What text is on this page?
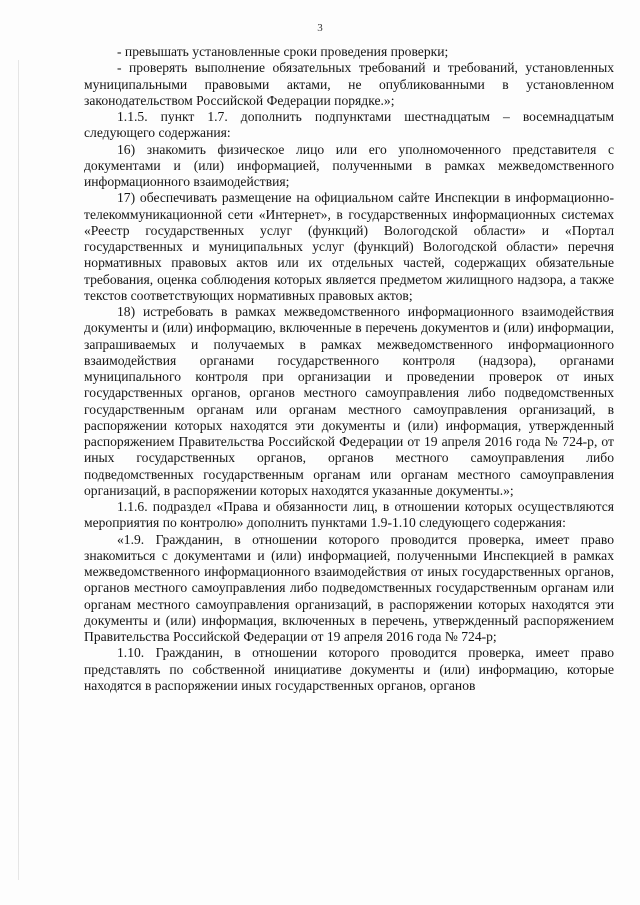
3

- превышать установленные сроки проведения проверки;

- проверять выполнение обязательных требований и требований, установленных муниципальными правовыми актами, не опубликованными в установленном законодательством Российской Федерации порядке.»;

1.1.5. пункт 1.7. дополнить подпунктами шестнадцатым – восемнадцатым следующего содержания:

16) знакомить физическое лицо или его уполномоченного представителя с документами и (или) информацией, полученными в рамках межведомственного информационного взаимодействия;

17) обеспечивать размещение на официальном сайте Инспекции в информационно-телекоммуникационной сети «Интернет», в государственных информационных системах «Реестр государственных услуг (функций) Вологодской области» и «Портал государственных и муниципальных услуг (функций) Вологодской области» перечня нормативных правовых актов или их отдельных частей, содержащих обязательные требования, оценка соблюдения которых является предметом жилищного надзора, а также текстов соответствующих нормативных правовых актов;

18) истребовать в рамках межведомственного информационного взаимодействия документы и (или) информацию, включенные в перечень документов и (или) информации, запрашиваемых и получаемых в рамках межведомственного информационного взаимодействия органами государственного контроля (надзора), органами муниципального контроля при организации и проведении проверок от иных государственных органов, органов местного самоуправления либо подведомственных государственным органам или органам местного самоуправления организаций, в распоряжении которых находятся эти документы и (или) информация, утвержденный распоряжением Правительства Российской Федерации от 19 апреля 2016 года № 724-р, от иных государственных органов, органов местного самоуправления либо подведомственных государственным органам или органам местного самоуправления организаций, в распоряжении которых находятся указанные документы.»;

1.1.6. подраздел «Права и обязанности лиц, в отношении которых осуществляются мероприятия по контролю» дополнить пунктами 1.9-1.10 следующего содержания:

«1.9. Гражданин, в отношении которого проводится проверка, имеет право знакомиться с документами и (или) информацией, полученными Инспекцией в рамках межведомственного информационного взаимодействия от иных государственных органов, органов местного самоуправления либо подведомственных государственным органам или органам местного самоуправления организаций, в распоряжении которых находятся эти документы и (или) информация, включенных в перечень, утвержденный распоряжением Правительства Российской Федерации от 19 апреля 2016 года № 724-р;

1.10. Гражданин, в отношении которого проводится проверка, имеет право представлять по собственной инициативе документы и (или) информацию, которые находятся в распоряжении иных государственных органов, органов
